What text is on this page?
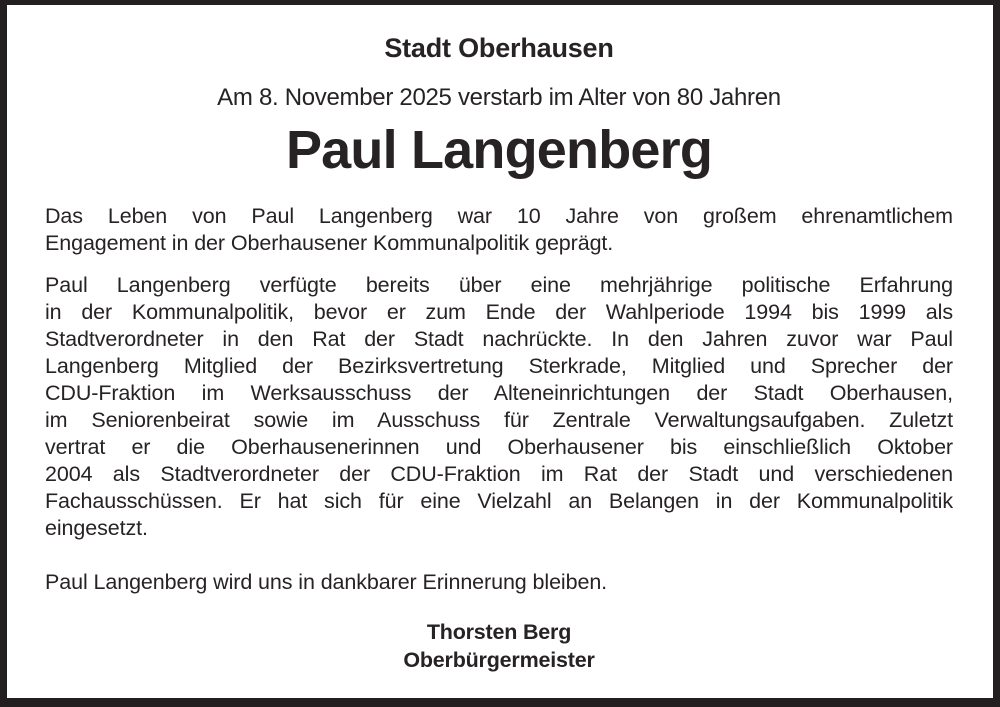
Stadt Oberhausen
Am 8. November 2025 verstarb im Alter von 80 Jahren
Paul Langenberg
Das Leben von Paul Langenberg war 10 Jahre von großem ehrenamtlichem
Engagement in der Oberhausener Kommunalpolitik geprägt.
Paul Langenberg verfügte bereits über eine mehrjährige politische Erfahrung
in der Kommunalpolitik, bevor er zum Ende der Wahlperiode 1994 bis 1999 als
Stadtverordneter in den Rat der Stadt nachrückte. In den Jahren zuvor war Paul
Langenberg Mitglied der Bezirksvertretung Sterkrade, Mitglied und Sprecher der
CDU-Fraktion im Werksausschuss der Alteneinrichtungen der Stadt Oberhausen,
im Seniorenbeirat sowie im Ausschuss für Zentrale Verwaltungsaufgaben. Zuletzt
vertrat er die Oberhausenerinnen und Oberhausener bis einschließlich Oktober
2004 als Stadtverordneter der CDU-Fraktion im Rat der Stadt und verschiedenen
Fachausschüssen. Er hat sich für eine Vielzahl an Belangen in der Kommunalpolitik
eingesetzt.
Paul Langenberg wird uns in dankbarer Erinnerung bleiben.
Thorsten Berg
Oberbürgermeister
